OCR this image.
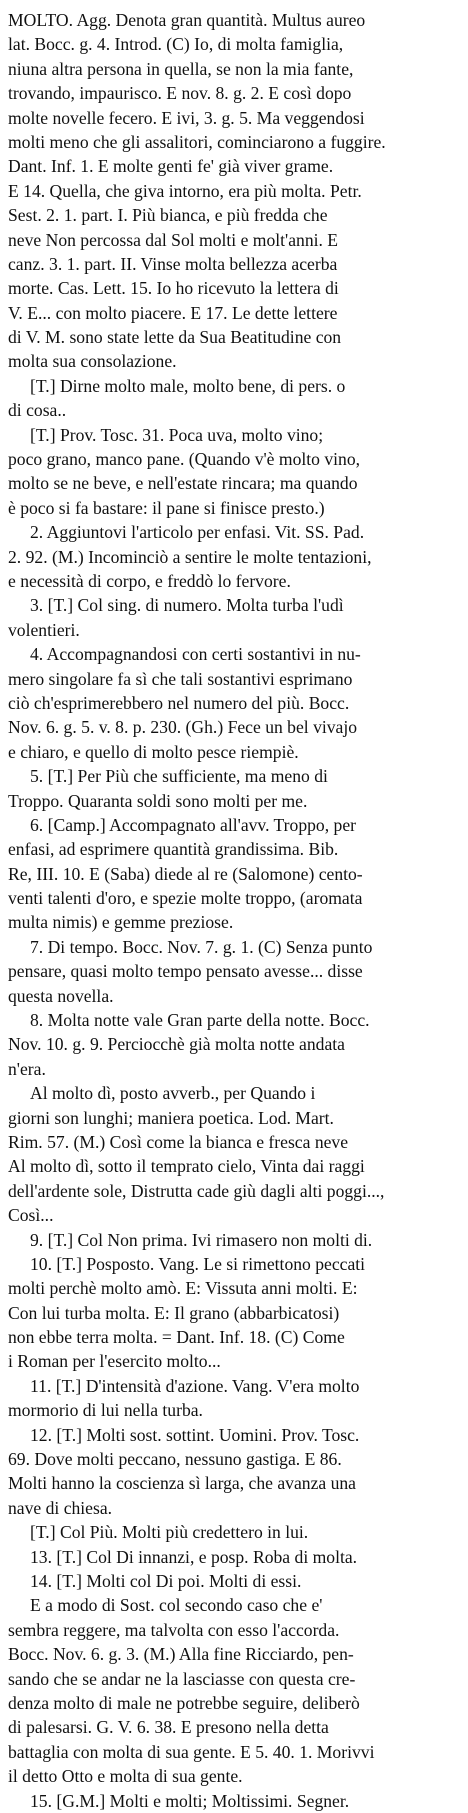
MOLTO. Agg. Denota gran quantità. Multus aureo
lat. Bocc. g. 4. Introd. (C) Io, di molta famiglia,
niuna altra persona in quella, se non la mia fante,
trovando, impaurisco. E nov. 8. g. 2. E così dopo
molte novelle fecero. E ivi, 3. g. 5. Ma veggendosi
molti meno che gli assalitori, cominciarono a fuggire.
Dant. Inf. 1. E molte genti fe' già viver grame.
E 14. Quella, che giva intorno, era più molta. Petr.
Sest. 2. 1. part. I. Più bianca, e più fredda che
neve Non percossa dal Sol molti e molt'anni. E
canz. 3. 1. part. II. Vinse molta bellezza acerba
morte. Cas. Lett. 15. Io ho ricevuto la lettera di
V. E... con molto piacere. E 17. Le dette lettere
di V. M. sono state lette da Sua Beatitudine con
molta sua consolazione.
[T.] Dirne molto male, molto bene, di pers. o
di cosa..
[T.] Prov. Tosc. 31. Poca uva, molto vino;
poco grano, manco pane. (Quando v'è molto vino,
molto se ne beve, e nell'estate rincara; ma quando
è poco si fa bastare: il pane si finisce presto.)
2. Aggiuntovi l'articolo per enfasi. Vit. SS. Pad.
2. 92. (M.) Incominciò a sentire le molte tentazioni,
e necessità di corpo, e freddò lo fervore.
3. [T.] Col sing. di numero. Molta turba l'udì
volentieri.
4. Accompagnandosi con certi sostantivi in nu-
mero singolare fa sì che tali sostantivi esprimano
ciò ch'esprimerebbero nel numero del più. Bocc.
Nov. 6. g. 5. v. 8. p. 230. (Gh.) Fece un bel vivajo
e chiaro, e quello di molto pesce riempiè.
5. [T.] Per Più che sufficiente, ma meno di
Troppo. Quaranta soldi sono molti per me.
6. [Camp.] Accompagnato all'avv. Troppo, per
enfasi, ad esprimere quantità grandissima. Bib.
Re, III. 10. E (Saba) diede al re (Salomone) cento-
venti talenti d'oro, e spezie molte troppo, (aromata
multa nimis) e gemme preziose.
7. Di tempo. Bocc. Nov. 7. g. 1. (C) Senza punto
pensare, quasi molto tempo pensato avesse... disse
questa novella.
8. Molta notte vale Gran parte della notte. Bocc.
Nov. 10. g. 9. Perciocchè già molta notte andata
n'era.
Al molto dì, posto avverb., per Quando i
giorni son lunghi; maniera poetica. Lod. Mart.
Rim. 57. (M.) Così come la bianca e fresca neve
Al molto dì, sotto il temprato cielo, Vinta dai raggi
dell'ardente sole, Distrutta cade giù dagli alti poggi...,
Così...
9. [T.] Col Non prima. Ivi rimasero non molti di.
10. [T.] Posposto. Vang. Le si rimettono peccati
molti perchè molto amò. E: Vissuta anni molti. E:
Con lui turba molta. E: Il grano (abbarbicatosi)
non ebbe terra molta. = Dant. Inf. 18. (C) Come
i Roman per l'esercito molto...
11. [T.] D'intensità d'azione. Vang. V'era molto
mormorio di lui nella turba.
12. [T.] Molti sost. sottint. Uomini. Prov. Tosc.
69. Dove molti peccano, nessuno gastiga. E 86.
Molti hanno la coscienza sì larga, che avanza una
nave di chiesa.
[T.] Col Più. Molti più credettero in lui.
13. [T.] Col Di innanzi, e posp. Roba di molta.
14. [T.] Molti col Di poi. Molti di essi.
E a modo di Sost. col secondo caso che e'
sembra reggere, ma talvolta con esso l'accorda.
Bocc. Nov. 6. g. 3. (M.) Alla fine Ricciardo, pen-
sando che se andar ne la lasciasse con questa cre-
denza molto di male ne potrebbe seguire, deliberò
di palesarsi. G. V. 6. 38. E presono nella detta
battaglia con molta di sua gente. E 5. 40. 1. Morivvi
il detto Otto e molta di sua gente.
15. [G.M.] Molti e molti; Moltissimi. Segner.
